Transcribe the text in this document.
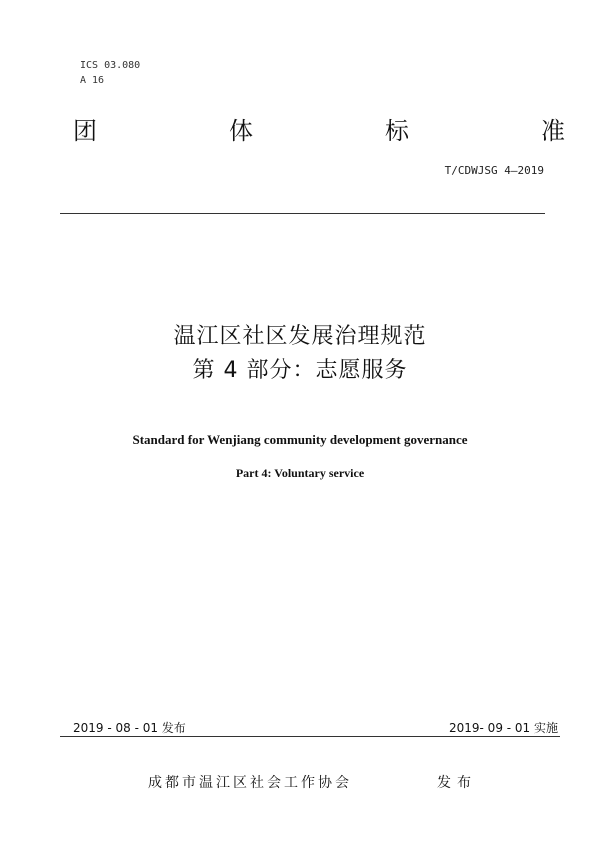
ICS 03.080
A 16
团	体	标	准
T/CDWJSG 4—2019
温江区社区发展治理规范
第 4 部分：志愿服务
Standard for Wenjiang community development governance
Part 4: Voluntary service
2019 - 08 - 01 发布	2019- 09 - 01 实施
成都市温江区社会工作协会	发布
